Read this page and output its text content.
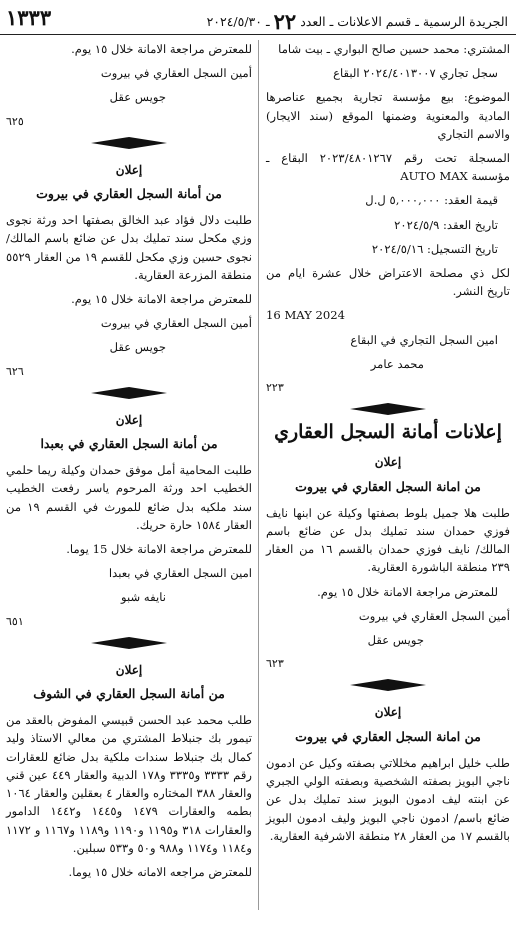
١٣٣٣	الجريدة الرسمية ـ قسم الاعلانات ـ العدد٢٢ـ ٢٠٢٤/٥/٣٠

المشتري: محمد حسين صالح البواري ـ بيت شاما

سجل تجاري ٢٠٢٤/٤٠١٣٠٠٧ البقاع

الموضوع: بيع مؤسسة تجارية بجميع عناصرها المادية والمعنوية وضمنها الموقع (سند الايجار) والاسم التجاري

المسجلة تحت رقم ٢٠٢٣/٤٨٠١٢٦٧ البقاع ـ مؤسسة AUTO MAX

قيمة العقد: ٥,٠٠٠,٠٠٠ ل.ل

تاريخ العقد: ٢٠٢٤/٥/٩

تاريخ التسجيل: ٢٠٢٤/٥/١٦

لكل ذي مصلحة الاعتراض خلال عشرة ايام من تاريخ النشر.

16 MAY 2024

امين السجل التجاري في البقاع

محمد عامر

٢٢٣

إعلانات أمانة السجل العقاري
إعلان
من امانة السجل العقاري في بيروت

طلبت هلا جميل بلوط بصفتها وكيلة عن ابنها نايف فوزي حمدان سند تمليك بدل عن ضائع باسم المالك/ نايف فوزي حمدان بالقسم ١٦ من العقار ٢٣٩ منطقة الباشورة العقارية.

للمعترض مراجعة الامانة خلال ١٥ يوم.

أمين السجل العقاري في بيروت

جويس عقل

٦٢٣

إعلان
من امانة السجل العقاري في بيروت

طلب خليل ابراهيم مخللاتي بصفته وكيل عن ادمون ناجي البويز بصفته الشخصية وبصفته الولي الجبري عن ابنته ليف ادمون البويز سند تمليك بدل عن ضائع باسم/ ادمون ناجي البويز وليف ادمون البويز بالقسم ١٧ من العقار ٢٨ منطقة الاشرفية العقارية.

للمعترض مراجعة الامانة خلال ١٥ يوم.

أمين السجل العقاري في بيروت

جويس عقل

٦٢٥

إعلان
من أمانة السجل العقاري في بيروت

طلبت دلال فؤاد عبد الخالق بصفتها احد ورثة نجوى وزي مكحل سند تمليك بدل عن ضائع باسم المالك/ نجوى حسين وزي مكحل للقسم ١٩ من العقار ٥٥٢٩ منطقة المزرعة العقارية.

للمعترض مراجعة الامانة خلال ١٥ يوم.

أمين السجل العقاري في بيروت

جويس عقل

٦٢٦

إعلان
من أمانة السجل العقاري في بعبدا

طلبت المحامية أمل موفق حمدان وكيلة ريما حلمي الخطيب احد ورثة المرحوم ياسر رفعت الخطيب سند ملكيه بدل ضائع للمورث في القسم ١٩ من العقار ١٥٨٤ حارة حريك.

للمعترض مراجعة الامانة خلال 15 يوما.

امين السجل العقاري في بعبدا

نايفه شبو

٦٥١

إعلان
من أمانة السجل العقاري في الشوف

طلب محمد عبد الحسن قبيسي المفوض بالعقد من تيمور بك جنبلاط المشتري من معالي الاستاذ وليد كمال بك جنبلاط سندات ملكية بدل ضائع للعقارات رقم ٣٣٣٣ و٣٣٣٥ و١٧٨ الدبية والعقار ٤٤٩ عين قني والعقار ٣٨٨ المختاره والعقار ٤ بعقلين والعقار ١٠٦٤ بطمه والعقارات ١٤٧٩ و١٤٤٥ و١٤٤٢ الدامور والعقارات ٣١٨ و١١٩٥ و١١٩٠ و١١٨٩ و١١٦٧ و ١١٧٢ و١١٨٤ و١١٧٤ و٩٨٨ و٥٠ و٥٣٣ سبلين.

للمعترض مراجعه الامانه خلال ١٥ يوما.
